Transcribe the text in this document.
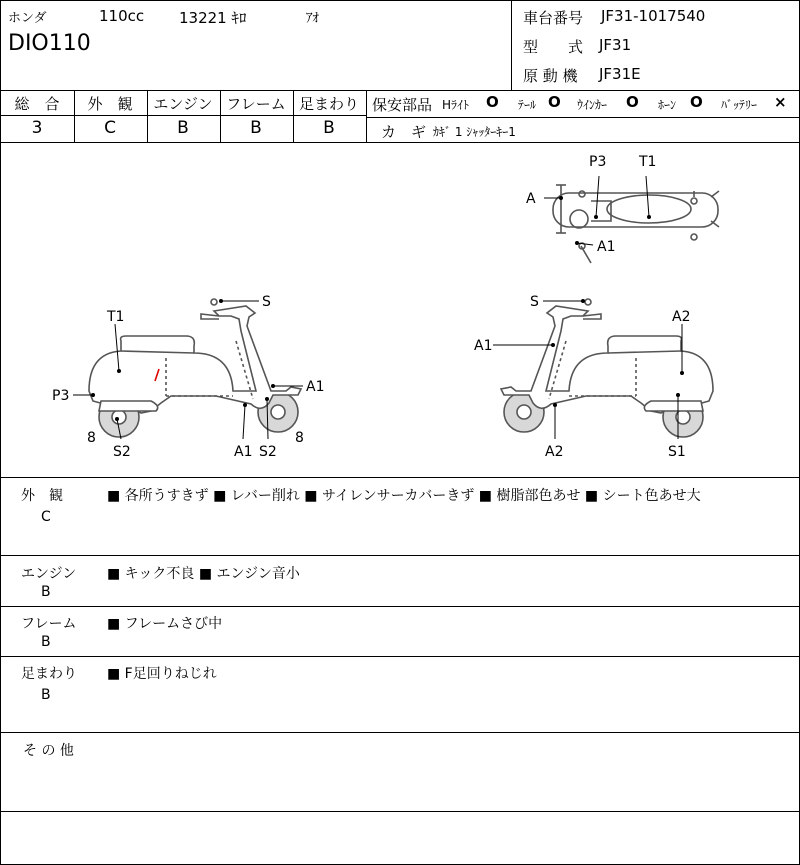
ホンダ	110cc 13221 ｷﾛ	ｱｵ
DIO110
車台番号 JF31-1017540
型　　式 JF31
原 動 機 JF31E
総　合	外　観	エンジン フレーム 足まわり
3	C	B	B	B
保安部品 Hﾗｲﾄ O ﾃｰﾙ O ｳｲﾝｶｰ O ﾎｰﾝ O ﾊﾞｯﾃﾘｰ ×
カ　ギ ｶｷﾞ 1 ｼｬｯﾀｰｷｰ1
P3 T1
A
A1
T1
S
P3
A1
8
S2	A1 S2
8
S
A2
A1
A2	S1
外　観
C
■ 各所うすきず ■ レバー削れ ■ サイレンサーカバーきず ■ 樹脂部色あせ ■ シート色あせ大
エンジン
B
■ キック不良 ■ エンジン音小
フレーム
B
■ フレームさび中
足まわり
B
■ F足回りねじれ
そ の 他
